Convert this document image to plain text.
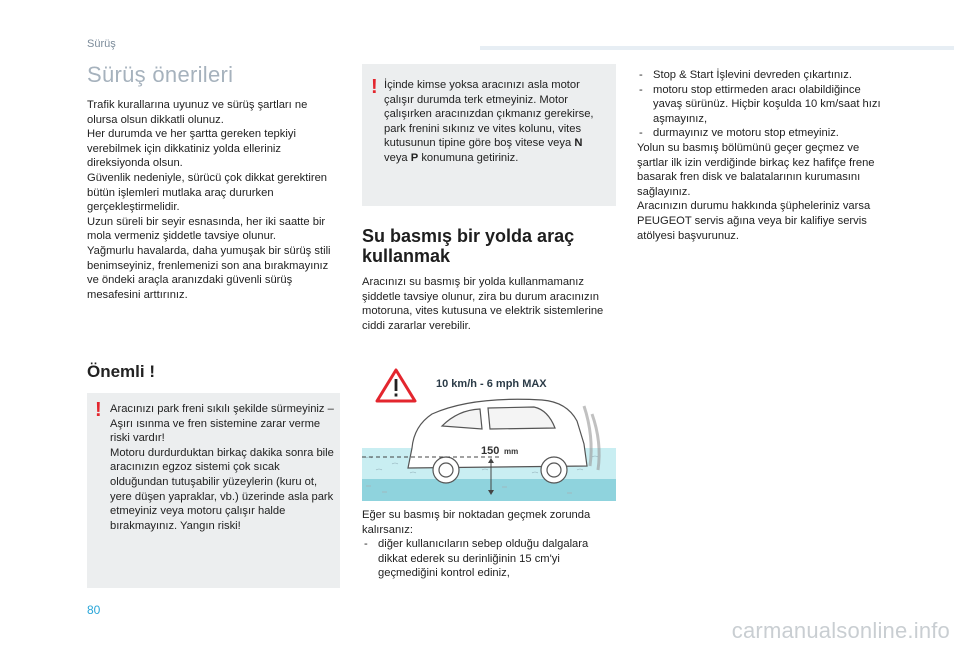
Sürüş
Sürüş önerileri
Trafik kurallarına uyunuz ve sürüş şartları ne olursa olsun dikkatli olunuz.
Her durumda ve her şartta gereken tepkiyi verebilmek için dikkatiniz yolda elleriniz direksiyonda olsun.
Güvenlik nedeniyle, sürücü çok dikkat gerektiren bütün işlemleri mutlaka araç dururken gerçekleştirmelidir.
Uzun süreli bir seyir esnasında, her iki saatte bir mola vermeniz şiddetle tavsiye olunur.
Yağmurlu havalarda, daha yumuşak bir sürüş stili benimseyiniz, frenlemenizi son ana bırakmayınız ve öndeki araçla aranızdaki güvenli sürüş mesafesini arttırınız.
Önemli !
! Aracınızı park freni sıkılı şekilde sürmeyiniz – Aşırı ısınma ve fren sistemine zarar verme riski vardır!
Motoru durdurduktan birkaç dakika sonra bile aracınızın egzoz sistemi çok sıcak olduğundan tutuşabilir yüzeylerin (kuru ot, yere düşen yapraklar, vb.) üzerinde asla park etmeyiniz veya motoru çalışır halde bırakmayınız. Yangın riski!
! İçinde kimse yoksa aracınızı asla motor çalışır durumda terk etmeyiniz. Motor çalışırken aracınızdan çıkmanız gerekirse, park frenini sıkınız ve vites kolunu, vites kutusunun tipine göre boş vitese veya N
veya P konumuna getiriniz.
Su basmış bir yolda araç
kullanmak
Aracınızı su basmış bir yolda kullanmamanız şiddetle tavsiye olunur, zira bu durum aracınızın motoruna, vites kutusuna ve elektrik sistemlerine ciddi zararlar verebilir.
10 km/h - 6 mph MAX
150 mm
Eğer su basmış bir noktadan geçmek zorunda kalırsanız:
- diğer kullanıcıların sebep olduğu dalgalara dikkat ederek su derinliğinin 15 cm'yi geçmediğini kontrol ediniz,
- Stop & Start İşlevini devreden çıkartınız.
- motoru stop ettirmeden aracı olabildiğince yavaş sürünüz. Hiçbir koşulda 10 km/saat hızı aşmayınız,
- durmayınız ve motoru stop etmeyiniz.
Yolun su basmış bölümünü geçer geçmez ve şartlar ilk izin verdiğinde birkaç kez hafifçe frene basarak fren disk ve balatalarının kurumasını sağlayınız.
Aracınızın durumu hakkında şüpheleriniz varsa PEUGEOT servis ağına veya bir kalifiye servis atölyesi başvurunuz.
80
carmanualsonline.info
